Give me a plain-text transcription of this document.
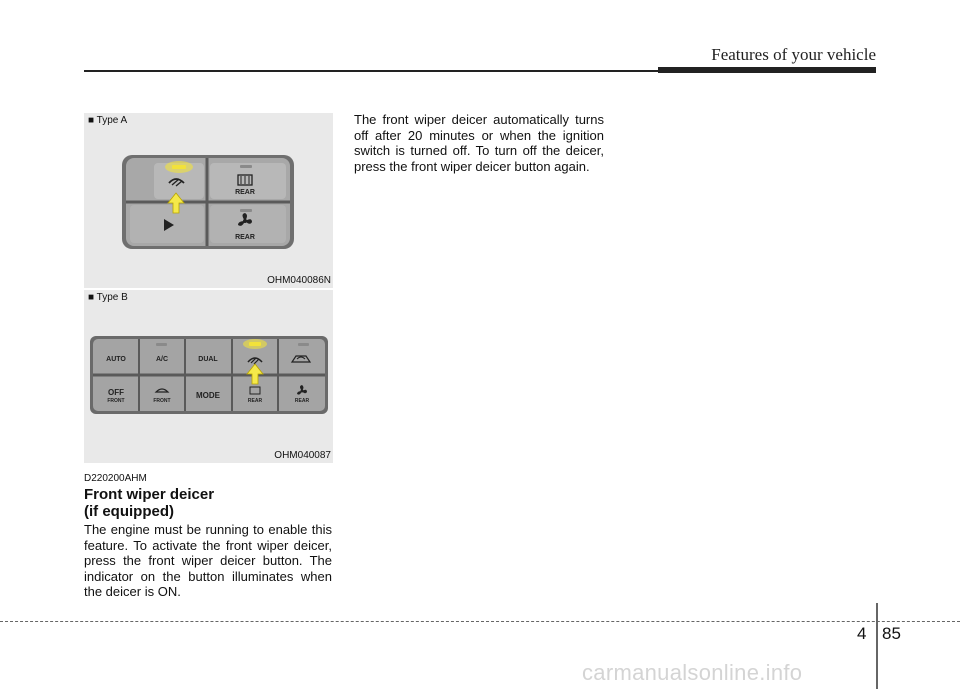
Features of your vehicle
REAR
REAR
■ Type A
OHM040086N
AUTO	A/C	DUAL
OFF
FRONT	FRONT
MODE
REAR	REAR
■ Type B
OHM040087
D220200AHM
Front wiper deicer
(if equipped)

The engine must be running to enable this feature. To activate the front wiper deicer, press the front wiper deicer button. The indicator on the button illuminates when the deicer is ON.

The front wiper deicer automatically turns off after 20 minutes or when the ignition switch is turned off. To turn off the deicer, press the front wiper deicer button again.

4 85
carmanualsonline.info
